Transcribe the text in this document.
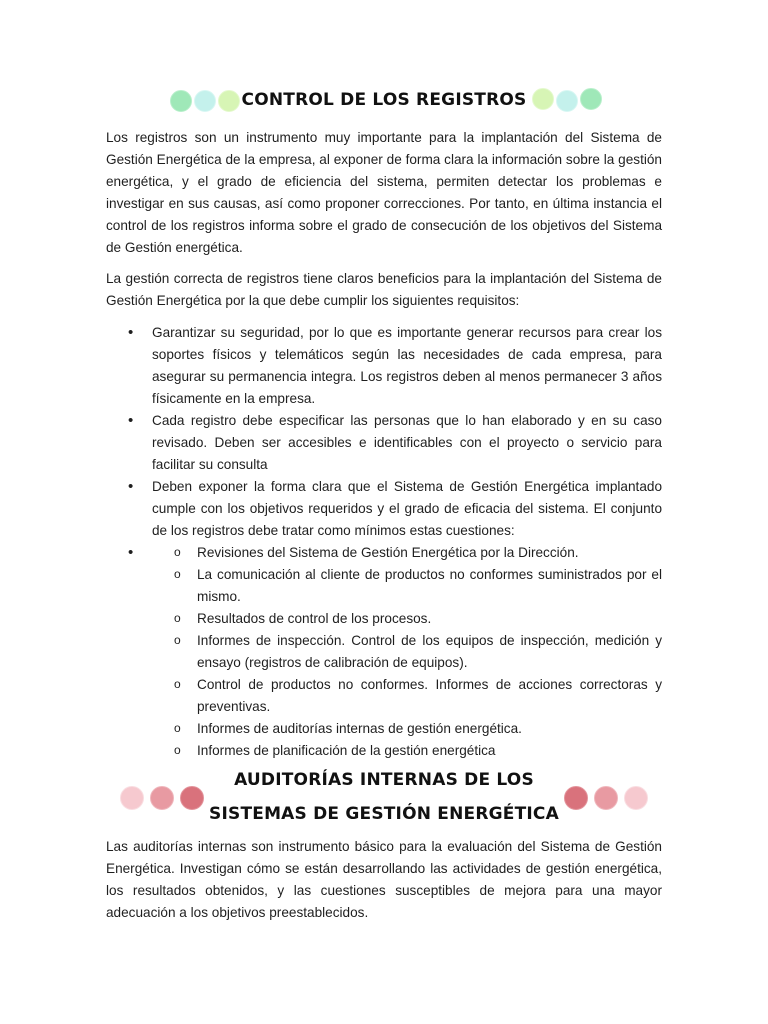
CONTROL DE LOS REGISTROS

Los registros son un instrumento muy importante para la implantación del Sistema de Gestión Energética de la empresa, al exponer de forma clara la información sobre la gestión energética, y el grado de eficiencia del sistema, permiten detectar los problemas e investigar en sus causas, así como proponer correcciones. Por tanto, en última instancia el control de los registros informa sobre el grado de consecución de los objetivos del Sistema de Gestión energética.

La gestión correcta de registros tiene claros beneficios para la implantación del Sistema de Gestión Energética por la que debe cumplir los siguientes requisitos:

• Garantizar su seguridad, por lo que es importante generar recursos para crear los soportes físicos y telemáticos según las necesidades de cada empresa, para asegurar su permanencia integra. Los registros deben al menos permanecer 3 años físicamente en la empresa.
• Cada registro debe especificar las personas que lo han elaborado y en su caso revisado. Deben ser accesibles e identificables con el proyecto o servicio para facilitar su consulta
• Deben exponer la forma clara que el Sistema de Gestión Energética implantado cumple con los objetivos requeridos y el grado de eficacia del sistema. El conjunto de los registros debe tratar como mínimos estas cuestiones:
o • Revisiones del Sistema de Gestión Energética por la Dirección.
o La comunicación al cliente de productos no conformes suministrados por el mismo.
o Resultados de control de los procesos.
o Informes de inspección. Control de los equipos de inspección, medición y ensayo (registros de calibración de equipos).
o Control de productos no conformes. Informes de acciones correctoras y preventivas.
o Informes de auditorías internas de gestión energética.
o Informes de planificación de la gestión energética
AUDITORÍAS INTERNAS DE LOS
SISTEMAS DE GESTIÓN ENERGÉTICA

Las auditorías internas son instrumento básico para la evaluación del Sistema de Gestión Energética. Investigan cómo se están desarrollando las actividades de gestión energética, los resultados obtenidos, y las cuestiones susceptibles de mejora para una mayor adecuación a los objetivos preestablecidos.
